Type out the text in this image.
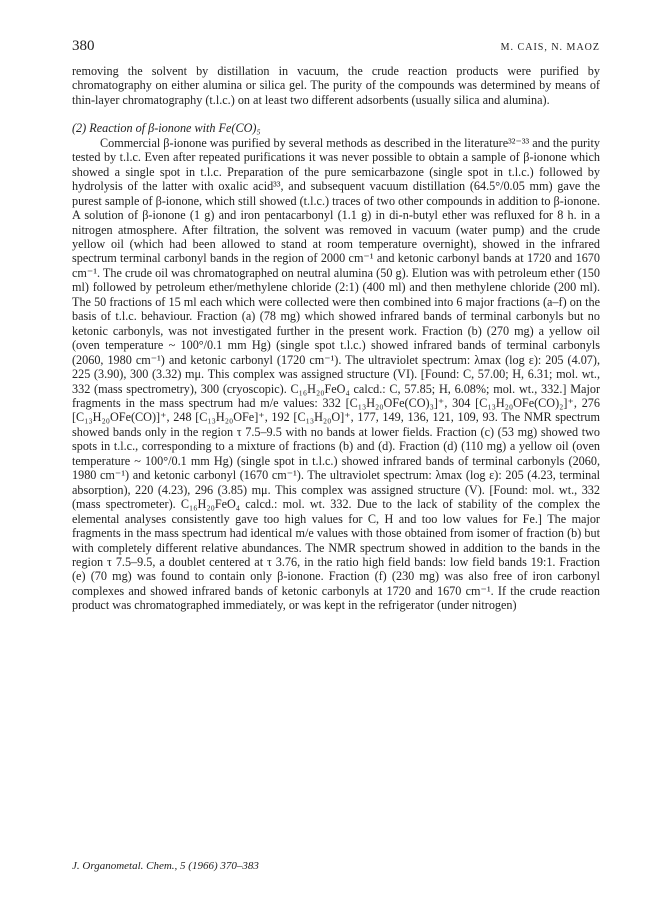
380	M. CAIS, N. MAOZ

removing the solvent by distillation in vacuum, the crude reaction products were purified by chromatography on either alumina or silica gel. The purity of the compounds was determined by means of thin-layer chromatography (t.l.c.) on at least two different adsorbents (usually silica and alumina).

(2) Reaction of β-ionone with Fe(CO)₅

Commercial β-ionone was purified by several methods as described in the literature³²⁻³³ and the purity tested by t.l.c. Even after repeated purifications it was never possible to obtain a sample of β-ionone which showed a single spot in t.l.c. Preparation of the pure semicarbazone (single spot in t.l.c.) followed by hydrolysis of the latter with oxalic acid³³, and subsequent vacuum distillation (64.5°/0.05 mm) gave the purest sample of β-ionone, which still showed (t.l.c.) traces of two other compounds in addition to β-ionone. A solution of β-ionone (1 g) and iron pentacarbonyl (1.1 g) in di-n-butyl ether was refluxed for 8 h. in a nitrogen atmosphere. After filtration, the solvent was removed in vacuum (water pump) and the crude yellow oil (which had been allowed to stand at room temperature overnight), showed in the infrared spectrum terminal carbonyl bands in the region of 2000 cm⁻¹ and ketonic carbonyl bands at 1720 and 1670 cm⁻¹. The crude oil was chromatographed on neutral alumina (50 g). Elution was with petroleum ether (150 ml) followed by petroleum ether/methylene chloride (2:1) (400 ml) and then methylene chloride (200 ml). The 50 fractions of 15 ml each which were collected were then combined into 6 major fractions (a–f) on the basis of t.l.c. behaviour. Fraction (a) (78 mg) which showed infrared bands of terminal carbonyls but no ketonic carbonyls, was not investigated further in the present work. Fraction (b) (270 mg) a yellow oil (oven temperature ~ 100°/0.1 mm Hg) (single spot t.l.c.) showed infrared bands of terminal carbonyls (2060, 1980 cm⁻¹) and ketonic carbonyl (1720 cm⁻¹). The ultraviolet spectrum: λmax (log ε): 205 (4.07), 225 (3.90), 300 (3.32) mμ. This complex was assigned structure (VI). [Found: C, 57.00; H, 6.31; mol. wt., 332 (mass spectrometry), 300 (cryoscopic). C₁₆H₂₀FeO₄ calcd.: C, 57.85; H, 6.08%; mol. wt., 332.] Major fragments in the mass spectrum had m/e values: 332 [C₁₃H₂₀OFe(CO)₃]⁺, 304 [C₁₃H₂₀OFe(CO)₂]⁺, 276 [C₁₃H₂₀OFe(CO)]⁺, 248 [C₁₃H₂₀OFe]⁺, 192 [C₁₃H₂₀O]⁺, 177, 149, 136, 121, 109, 93. The NMR spectrum showed bands only in the region τ 7.5–9.5 with no bands at lower fields. Fraction (c) (53 mg) showed two spots in t.l.c., corresponding to a mixture of fractions (b) and (d). Fraction (d) (110 mg) a yellow oil (oven temperature ~ 100°/0.1 mm Hg) (single spot in t.l.c.) showed infrared bands of terminal carbonyls (2060, 1980 cm⁻¹) and ketonic carbonyl (1670 cm⁻¹). The ultraviolet spectrum: λmax (log ε): 205 (4.23, terminal absorption), 220 (4.23), 296 (3.85) mμ. This complex was assigned structure (V). [Found: mol. wt., 332 (mass spectrometer). C₁₆H₂₀FeO₄ calcd.: mol. wt. 332. Due to the lack of stability of the complex the elemental analyses consistently gave too high values for C, H and too low values for Fe.] The major fragments in the mass spectrum had identical m/e values with those obtained from isomer of fraction (b) but with completely different relative abundances. The NMR spectrum showed in addition to the bands in the region τ 7.5–9.5, a doublet centered at τ 3.76, in the ratio high field bands: low field bands 19:1. Fraction (e) (70 mg) was found to contain only β-ionone. Fraction (f) (230 mg) was also free of iron carbonyl complexes and showed infrared bands of ketonic carbonyls at 1720 and 1670 cm⁻¹. If the crude reaction product was chromatographed immediately, or was kept in the refrigerator (under nitrogen)

J. Organometal. Chem., 5 (1966) 370–383
